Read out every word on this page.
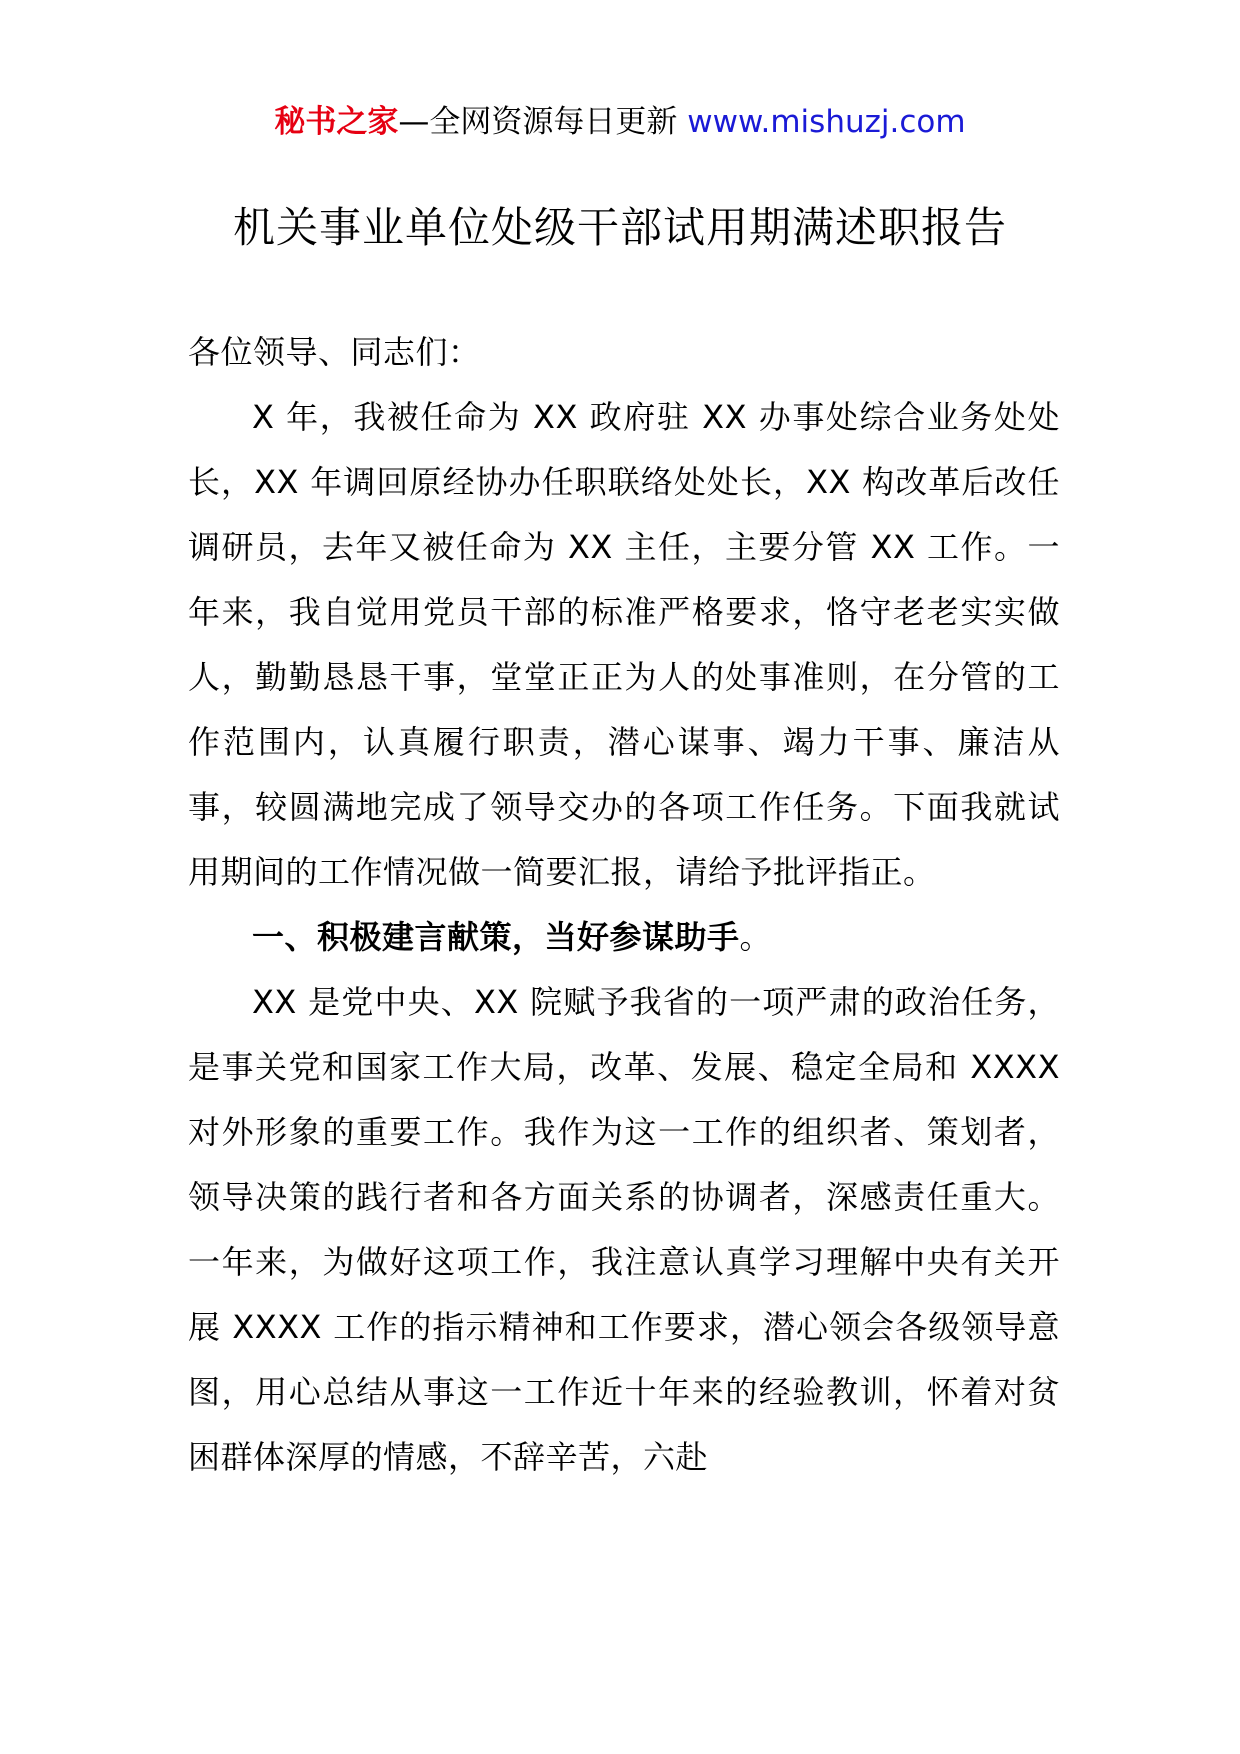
秘书之家—全网资源每日更新 www.mishuzj.com
机关事业单位处级干部试用期满述职报告

各位领导、同志们：

X 年，我被任命为 XX 政府驻 XX 办事处综合业务处处长，XX 年调回原经协办任职联络处处长，XX 构改革后改任调研员，去年又被任命为 XX 主任，主要分管 XX 工作。一年来，我自觉用党员干部的标准严格要求，恪守老老实实做人，勤勤恳恳干事，堂堂正正为人的处事准则，在分管的工作范围内，认真履行职责，潜心谋事、竭力干事、廉洁从事，较圆满地完成了领导交办的各项工作任务。下面我就试用期间的工作情况做一简要汇报，请给予批评指正。

一、积极建言献策，当好参谋助手。

XX 是党中央、XX 院赋予我省的一项严肃的政治任务，是事关党和国家工作大局，改革、发展、稳定全局和 XXXX 对外形象的重要工作。我作为这一工作的组织者、策划者，领导决策的践行者和各方面关系的协调者，深感责任重大。一年来，为做好这项工作，我注意认真学习理解中央有关开展 XXXX 工作的指示精神和工作要求，潜心领会各级领导意图，用心总结从事这一工作近十年来的经验教训，怀着对贫困群体深厚的情感，不辞辛苦，六赴
